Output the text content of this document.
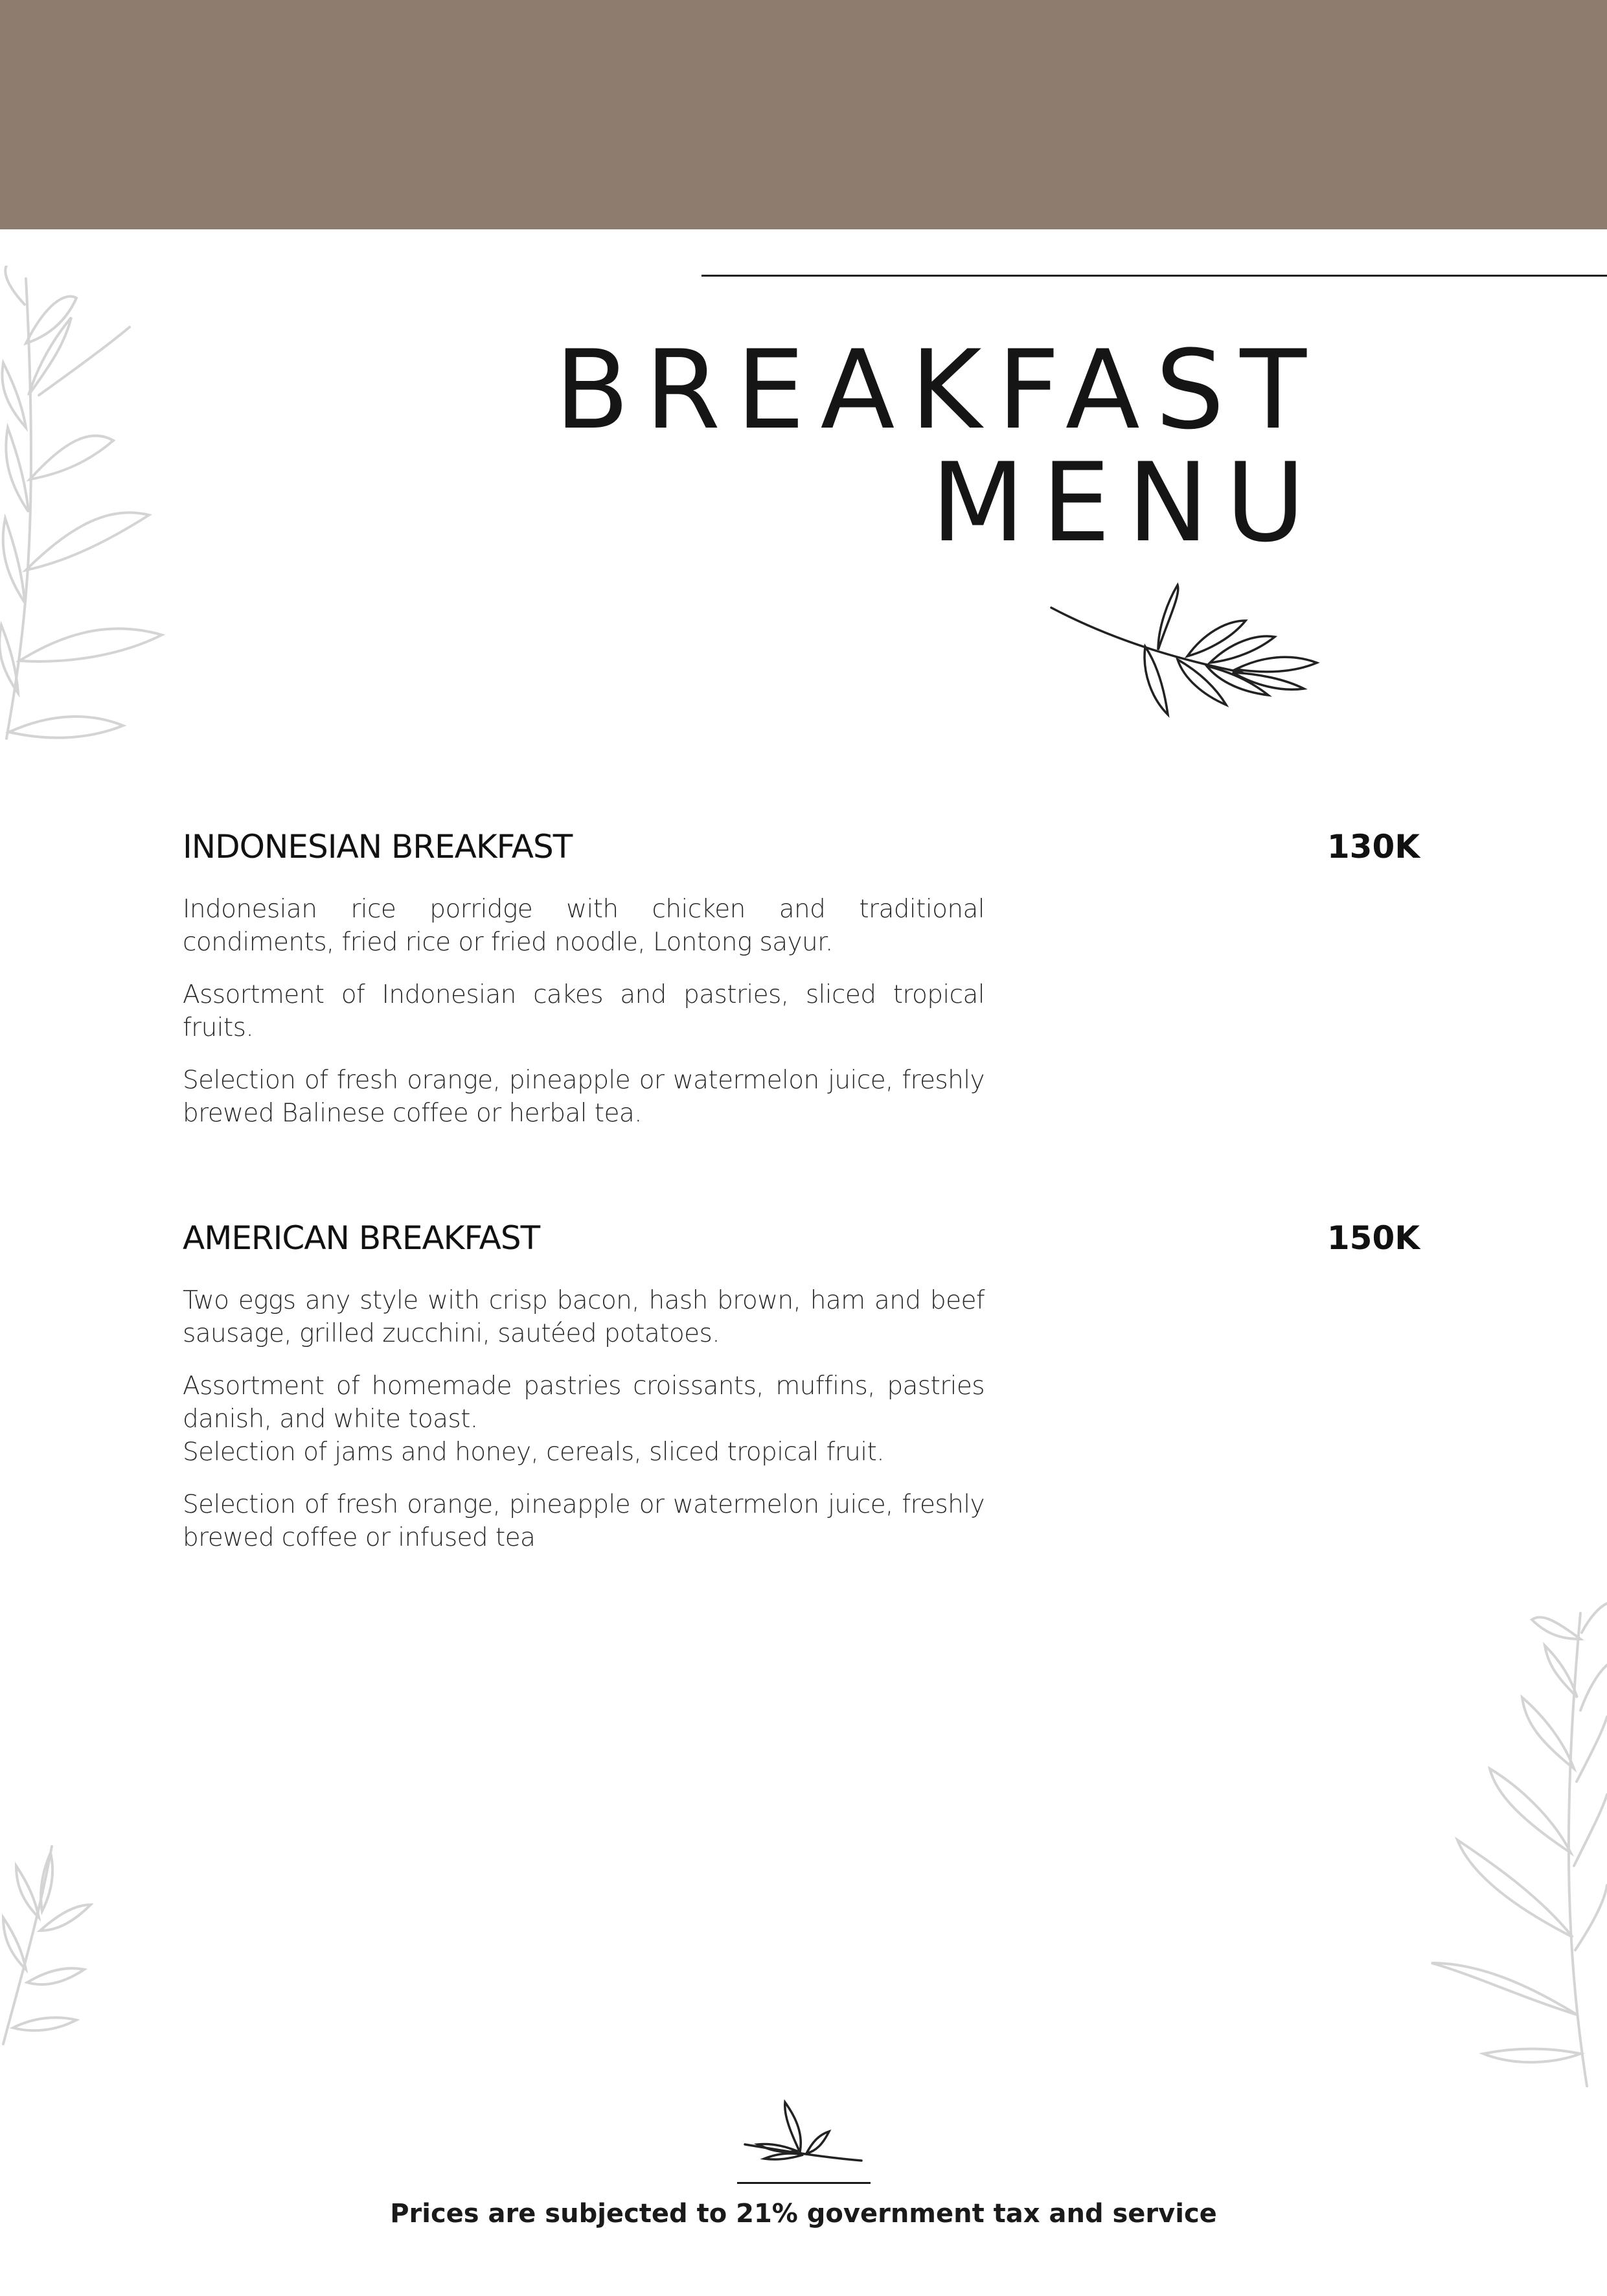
BREAKFAST
MENU
INDONESIAN BREAKFAST	130K

Indonesian rice porridge with chicken and traditional condiments, fried rice or fried noodle, Lontong sayur.

Assortment of Indonesian cakes and pastries, sliced tropical fruits.

Selection of fresh orange, pineapple or watermelon juice, freshly brewed Balinese coffee or herbal tea.

AMERICAN BREAKFAST	150K

Two eggs any style with crisp bacon, hash brown, ham and beef sausage, grilled zucchini, sautéed potatoes.

Assortment of homemade pastries croissants, muffins, pastries danish, and white toast.

Selection of jams and honey, cereals, sliced tropical fruit.

Selection of fresh orange, pineapple or watermelon juice, freshly brewed coffee or infused tea

Prices are subjected to 21% government tax and service
